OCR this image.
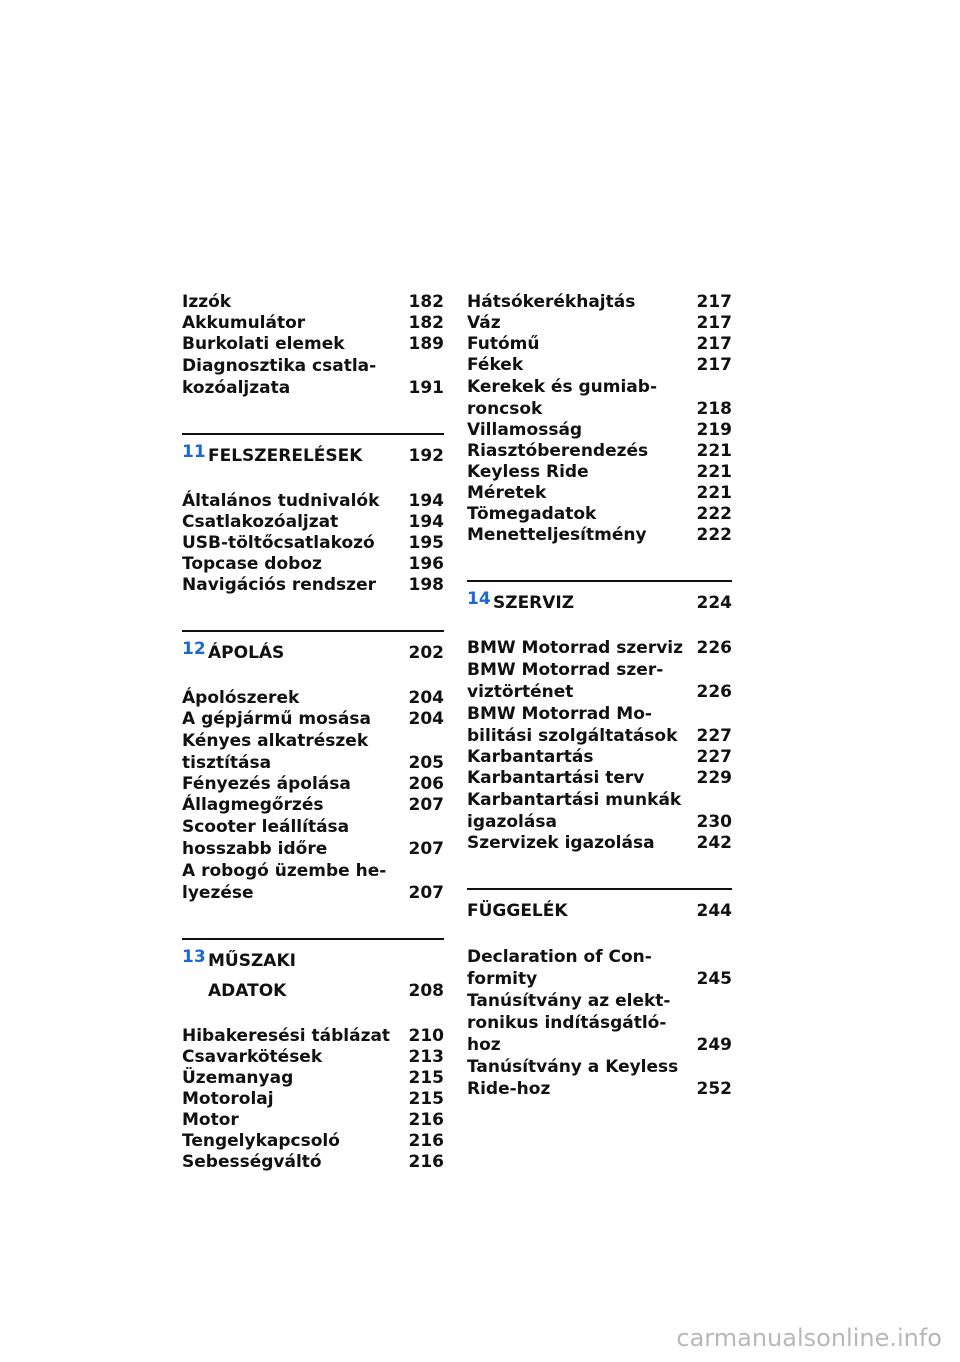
Izzók	182
Akkumulátor	182
Burkolati elemek	189
Diagnosztika csatlakozóaljzata	191
11 FELSZERELÉSEK	192
Általános tudnivalók	194
Csatlakozóaljzat	194
USB-töltőcsatlakozó	195
Topcase doboz	196
Navigációs rendszer	198
12 ÁPOLÁS	202
Ápolószerek	204
A gépjármű mosása	204
Kényes alkatrészek tisztítása	205
Fényezés ápolása	206
Állagmegőrzés	207
Scooter leállítása hosszabb időre	207
A robogó üzembe helyezése	207
13 MŰSZAKI ADATOK	208
Hibakeresési táblázat	210
Csavarkötések	213
Üzemanyag	215
Motorolaj	215
Motor	216
Tengelykapcsoló	216
Sebességváltó	216
Hátsókerékhajtás	217
Váz	217
Futómű	217
Fékek	217
Kerekek és gumiabroncsok	218
Villamosság	219
Riasztóberendezés	221
Keyless Ride	221
Méretek	221
Tömegadatok	222
Menetteljesítmény	222
14 SZERVIZ	224
BMW Motorrad szerviz 226
BMW Motorrad szerviztörténet	226
BMW Motorrad Mobilitási szolgáltatások	227
Karbantartás	227
Karbantartási terv	229
Karbantartási munkák igazolása	230
Szervizek igazolása	242
FÜGGELÉK	244
Declaration of Conformity	245
Tanúsítvány az elektronikus indításgátlóhoz	249
Tanúsítvány a Keyless Ride-hoz	252
carmanualsonline.info
